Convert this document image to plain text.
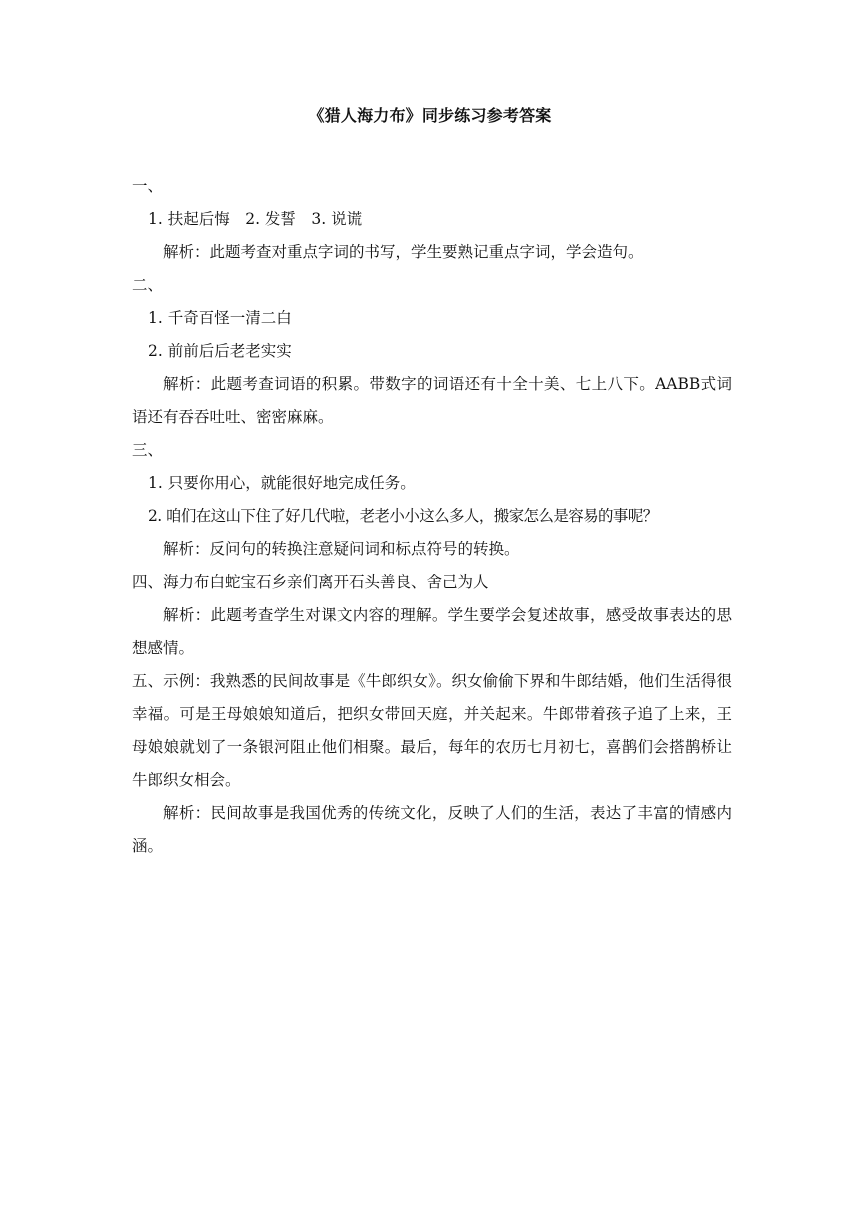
《猎人海力布》同步练习参考答案
一、
1. 扶起后悔　2. 发誓　3. 说谎
解析：此题考查对重点字词的书写，学生要熟记重点字词，学会造句。
二、
1. 千奇百怪一清二白
2. 前前后后老老实实
解析：此题考查词语的积累。带数字的词语还有十全十美、七上八下。AABB式词语还有吞吞吐吐、密密麻麻。
三、
1. 只要你用心，就能很好地完成任务。
2. 咱们在这山下住了好几代啦，老老小小这么多人，搬家怎么是容易的事呢？
解析：反问句的转换注意疑问词和标点符号的转换。
四、海力布白蛇宝石乡亲们离开石头善良、舍己为人
解析：此题考查学生对课文内容的理解。学生要学会复述故事，感受故事表达的思想感情。
五、示例：我熟悉的民间故事是《牛郎织女》。织女偷偷下界和牛郎结婚，他们生活得很幸福。可是王母娘娘知道后，把织女带回天庭，并关起来。牛郎带着孩子追了上来，王母娘娘就划了一条银河阻止他们相聚。最后，每年的农历七月初七，喜鹊们会搭鹊桥让牛郎织女相会。
解析：民间故事是我国优秀的传统文化，反映了人们的生活，表达了丰富的情感内涵。
